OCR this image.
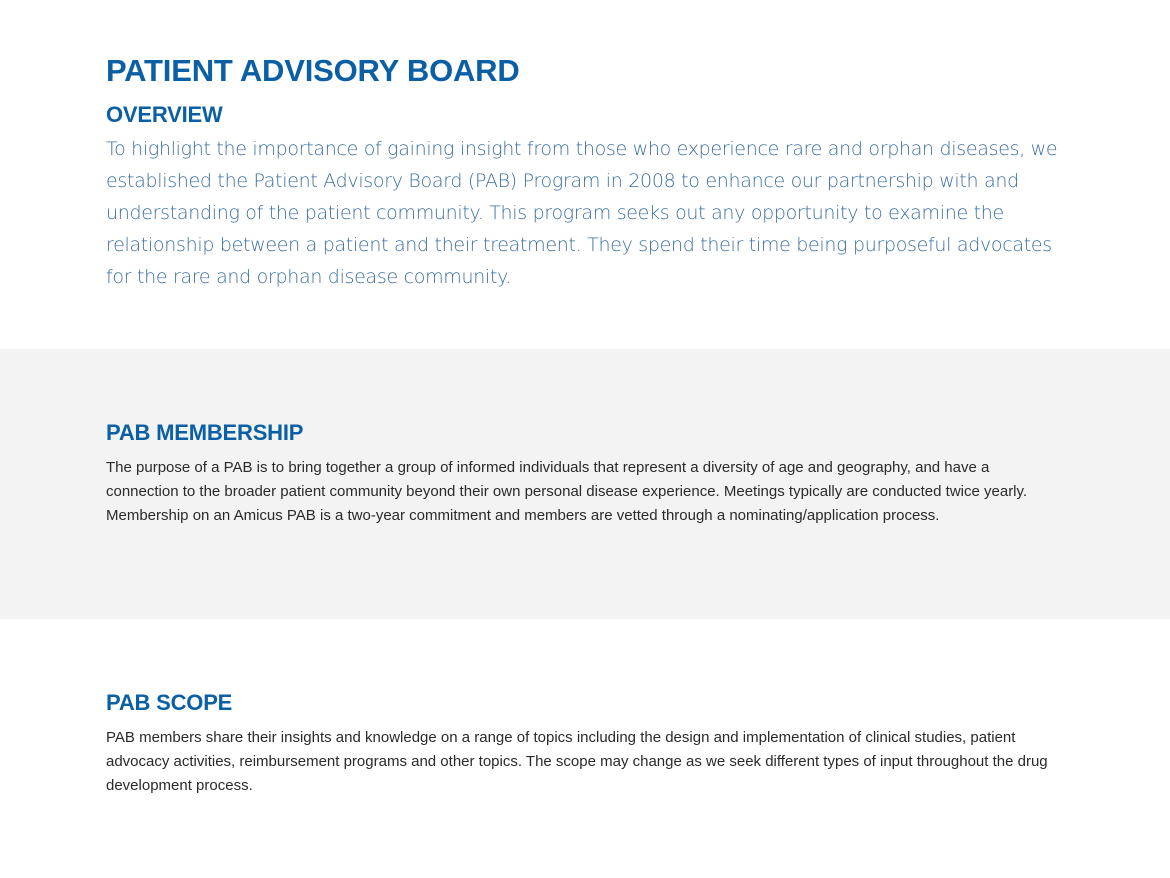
PATIENT ADVISORY BOARD
OVERVIEW

To highlight the importance of gaining insight from those who experience rare and orphan diseases, we established the Patient Advisory Board (PAB) Program in 2008 to enhance our partnership with and understanding of the patient community. This program seeks out any opportunity to examine the relationship between a patient and their treatment. They spend their time being purposeful advocates for the rare and orphan disease community.

PAB MEMBERSHIP

The purpose of a PAB is to bring together a group of informed individuals that represent a diversity of age and geography, and have a connection to the broader patient community beyond their own personal disease experience. Meetings typically are conducted twice yearly. Membership on an Amicus PAB is a two-year commitment and members are vetted through a nominating/application process.

PAB SCOPE

PAB members share their insights and knowledge on a range of topics including the design and implementation of clinical studies, patient advocacy activities, reimbursement programs and other topics. The scope may change as we seek different types of input throughout the drug development process.
